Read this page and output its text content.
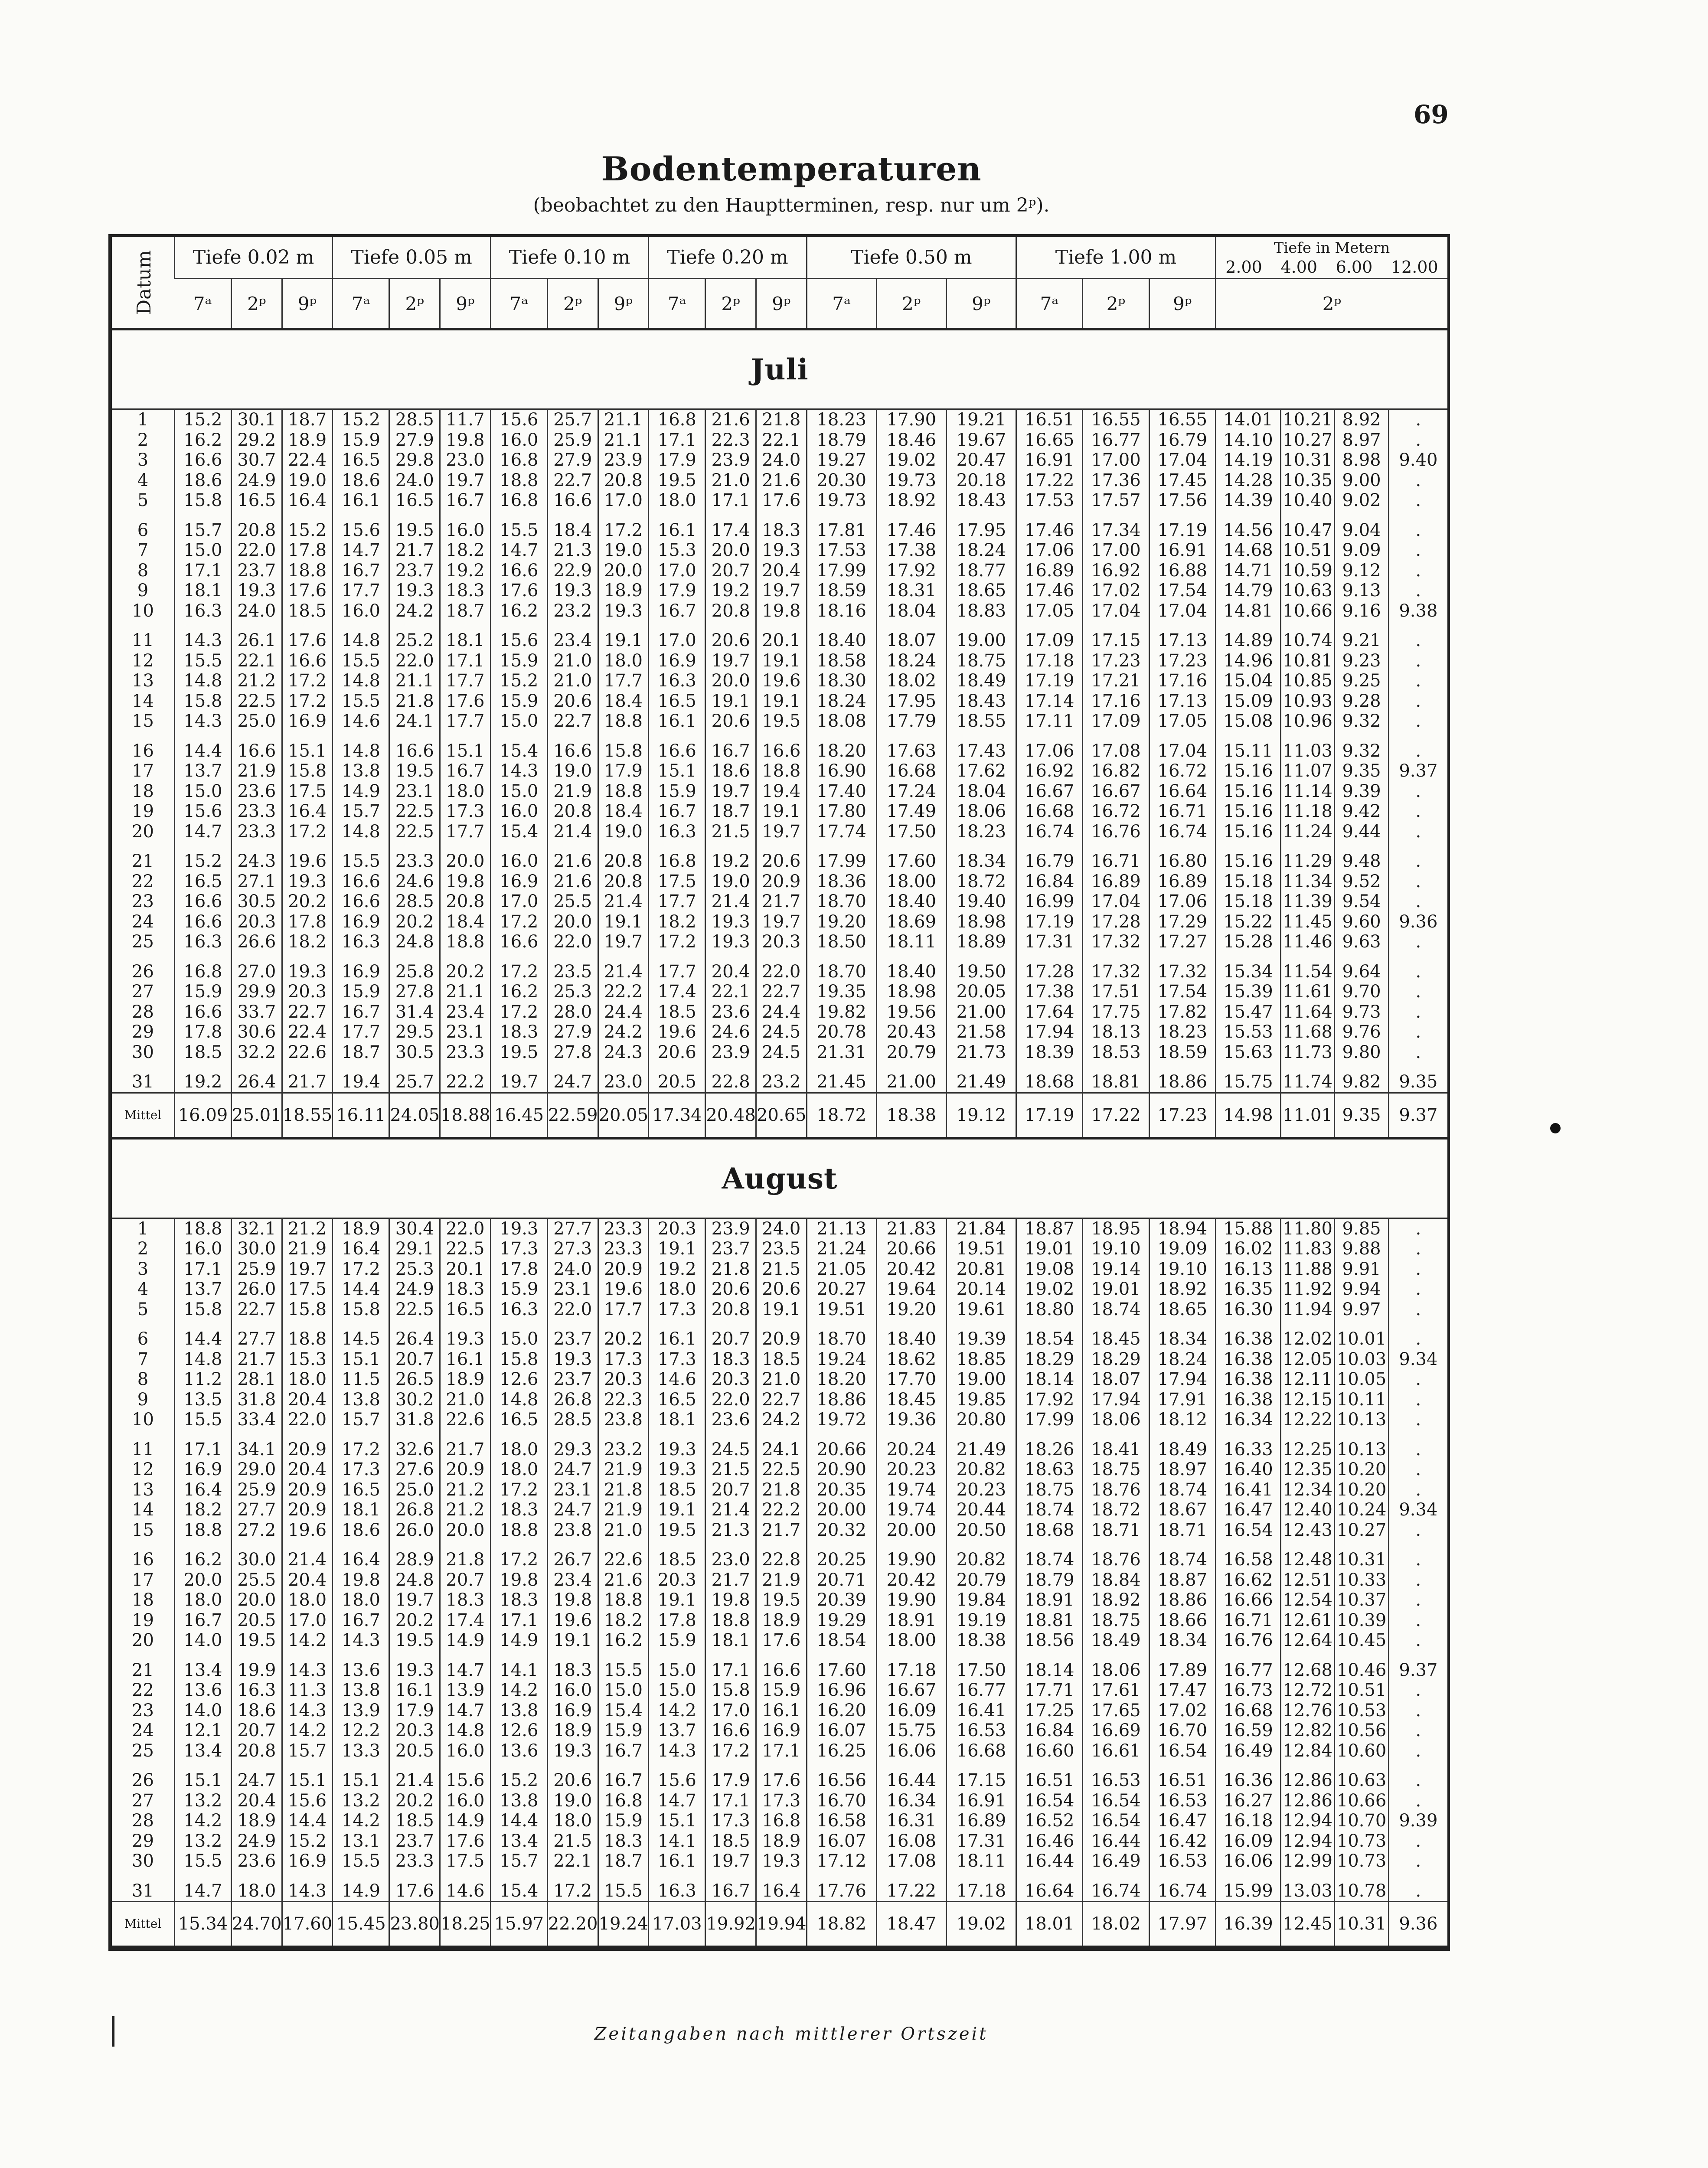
69
Bodentemperaturen
(beobachtet zu den Hauptterminen, resp. nur um 2ᵖ).
Datum	Tiefe 0.02 m			Tiefe 0.05 m			Tiefe 0.10 m			Tiefe 0.20 m			Tiefe 0.50 m			Tiefe 1.00 m			Tiefe in Metern
2.00 4.00 6.00 12.00			

	7ᵃ	2ᵖ	9ᵖ	7ᵃ	2ᵖ	9ᵖ	7ᵃ	2ᵖ	9ᵖ	7ᵃ	2ᵖ	9ᵖ	7ᵃ	2ᵖ	9ᵖ	7ᵃ	2ᵖ	9ᵖ	2ᵖ			
Juli																						
1	15.2	30.1	18.7	15.2	28.5	11.7	15.6	25.7	21.1	16.8	21.6	21.8	18.23	17.90	19.21	16.51	16.55	16.55	14.01	10.21	8.92	.
2	16.2	29.2	18.9	15.9	27.9	19.8	16.0	25.9	21.1	17.1	22.3	22.1	18.79	18.46	19.67	16.65	16.77	16.79	14.10	10.27	8.97	.
3	16.6	30.7	22.4	16.5	29.8	23.0	16.8	27.9	23.9	17.9	23.9	24.0	19.27	19.02	20.47	16.91	17.00	17.04	14.19	10.31	8.98	9.40
4	18.6	24.9	19.0	18.6	24.0	19.7	18.8	22.7	20.8	19.5	21.0	21.6	20.30	19.73	20.18	17.22	17.36	17.45	14.28	10.35	9.00	.
5	15.8	16.5	16.4	16.1	16.5	16.7	16.8	16.6	17.0	18.0	17.1	17.6	19.73	18.92	18.43	17.53	17.57	17.56	14.39	10.40	9.02	.
6	15.7	20.8	15.2	15.6	19.5	16.0	15.5	18.4	17.2	16.1	17.4	18.3	17.81	17.46	17.95	17.46	17.34	17.19	14.56	10.47	9.04	.
7	15.0	22.0	17.8	14.7	21.7	18.2	14.7	21.3	19.0	15.3	20.0	19.3	17.53	17.38	18.24	17.06	17.00	16.91	14.68	10.51	9.09	.
8	17.1	23.7	18.8	16.7	23.7	19.2	16.6	22.9	20.0	17.0	20.7	20.4	17.99	17.92	18.77	16.89	16.92	16.88	14.71	10.59	9.12	.
9	18.1	19.3	17.6	17.7	19.3	18.3	17.6	19.3	18.9	17.9	19.2	19.7	18.59	18.31	18.65	17.46	17.02	17.54	14.79	10.63	9.13	.
10	16.3	24.0	18.5	16.0	24.2	18.7	16.2	23.2	19.3	16.7	20.8	19.8	18.16	18.04	18.83	17.05	17.04	17.04	14.81	10.66	9.16	9.38
11	14.3	26.1	17.6	14.8	25.2	18.1	15.6	23.4	19.1	17.0	20.6	20.1	18.40	18.07	19.00	17.09	17.15	17.13	14.89	10.74	9.21	.
12	15.5	22.1	16.6	15.5	22.0	17.1	15.9	21.0	18.0	16.9	19.7	19.1	18.58	18.24	18.75	17.18	17.23	17.23	14.96	10.81	9.23	.
13	14.8	21.2	17.2	14.8	21.1	17.7	15.2	21.0	17.7	16.3	20.0	19.6	18.30	18.02	18.49	17.19	17.21	17.16	15.04	10.85	9.25	.
14	15.8	22.5	17.2	15.5	21.8	17.6	15.9	20.6	18.4	16.5	19.1	19.1	18.24	17.95	18.43	17.14	17.16	17.13	15.09	10.93	9.28	.
15	14.3	25.0	16.9	14.6	24.1	17.7	15.0	22.7	18.8	16.1	20.6	19.5	18.08	17.79	18.55	17.11	17.09	17.05	15.08	10.96	9.32	.
16	14.4	16.6	15.1	14.8	16.6	15.1	15.4	16.6	15.8	16.6	16.7	16.6	18.20	17.63	17.43	17.06	17.08	17.04	15.11	11.03	9.32	.
17	13.7	21.9	15.8	13.8	19.5	16.7	14.3	19.0	17.9	15.1	18.6	18.8	16.90	16.68	17.62	16.92	16.82	16.72	15.16	11.07	9.35	9.37
18	15.0	23.6	17.5	14.9	23.1	18.0	15.0	21.9	18.8	15.9	19.7	19.4	17.40	17.24	18.04	16.67	16.67	16.64	15.16	11.14	9.39	.
19	15.6	23.3	16.4	15.7	22.5	17.3	16.0	20.8	18.4	16.7	18.7	19.1	17.80	17.49	18.06	16.68	16.72	16.71	15.16	11.18	9.42	.
20	14.7	23.3	17.2	14.8	22.5	17.7	15.4	21.4	19.0	16.3	21.5	19.7	17.74	17.50	18.23	16.74	16.76	16.74	15.16	11.24	9.44	.
21	15.2	24.3	19.6	15.5	23.3	20.0	16.0	21.6	20.8	16.8	19.2	20.6	17.99	17.60	18.34	16.79	16.71	16.80	15.16	11.29	9.48	.
22	16.5	27.1	19.3	16.6	24.6	19.8	16.9	21.6	20.8	17.5	19.0	20.9	18.36	18.00	18.72	16.84	16.89	16.89	15.18	11.34	9.52	.
23	16.6	30.5	20.2	16.6	28.5	20.8	17.0	25.5	21.4	17.7	21.4	21.7	18.70	18.40	19.40	16.99	17.04	17.06	15.18	11.39	9.54	.
24	16.6	20.3	17.8	16.9	20.2	18.4	17.2	20.0	19.1	18.2	19.3	19.7	19.20	18.69	18.98	17.19	17.28	17.29	15.22	11.45	9.60	9.36
25	16.3	26.6	18.2	16.3	24.8	18.8	16.6	22.0	19.7	17.2	19.3	20.3	18.50	18.11	18.89	17.31	17.32	17.27	15.28	11.46	9.63	.
26	16.8	27.0	19.3	16.9	25.8	20.2	17.2	23.5	21.4	17.7	20.4	22.0	18.70	18.40	19.50	17.28	17.32	17.32	15.34	11.54	9.64	.
27	15.9	29.9	20.3	15.9	27.8	21.1	16.2	25.3	22.2	17.4	22.1	22.7	19.35	18.98	20.05	17.38	17.51	17.54	15.39	11.61	9.70	.
28	16.6	33.7	22.7	16.7	31.4	23.4	17.2	28.0	24.4	18.5	23.6	24.4	19.82	19.56	21.00	17.64	17.75	17.82	15.47	11.64	9.73	.
29	17.8	30.6	22.4	17.7	29.5	23.1	18.3	27.9	24.2	19.6	24.6	24.5	20.78	20.43	21.58	17.94	18.13	18.23	15.53	11.68	9.76	.
30	18.5	32.2	22.6	18.7	30.5	23.3	19.5	27.8	24.3	20.6	23.9	24.5	21.31	20.79	21.73	18.39	18.53	18.59	15.63	11.73	9.80	.
31	19.2	26.4	21.7	19.4	25.7	22.2	19.7	24.7	23.0	20.5	22.8	23.2	21.45	21.00	21.49	18.68	18.81	18.86	15.75	11.74	9.82	9.35
Mittel	16.09	25.01	18.55	16.11	24.05	18.88	16.45	22.59	20.05	17.34	20.48	20.65	18.72	18.38	19.12	17.19	17.22	17.23	14.98	11.01	9.35	9.37
August																						
1	18.8	32.1	21.2	18.9	30.4	22.0	19.3	27.7	23.3	20.3	23.9	24.0	21.13	21.83	21.84	18.87	18.95	18.94	15.88	11.80	9.85	.
2	16.0	30.0	21.9	16.4	29.1	22.5	17.3	27.3	23.3	19.1	23.7	23.5	21.24	20.66	19.51	19.01	19.10	19.09	16.02	11.83	9.88	.
3	17.1	25.9	19.7	17.2	25.3	20.1	17.8	24.0	20.9	19.2	21.8	21.5	21.05	20.42	20.81	19.08	19.14	19.10	16.13	11.88	9.91	.
4	13.7	26.0	17.5	14.4	24.9	18.3	15.9	23.1	19.6	18.0	20.6	20.6	20.27	19.64	20.14	19.02	19.01	18.92	16.35	11.92	9.94	.
5	15.8	22.7	15.8	15.8	22.5	16.5	16.3	22.0	17.7	17.3	20.8	19.1	19.51	19.20	19.61	18.80	18.74	18.65	16.30	11.94	9.97	.
6	14.4	27.7	18.8	14.5	26.4	19.3	15.0	23.7	20.2	16.1	20.7	20.9	18.70	18.40	19.39	18.54	18.45	18.34	16.38	12.02	10.01	.
7	14.8	21.7	15.3	15.1	20.7	16.1	15.8	19.3	17.3	17.3	18.3	18.5	19.24	18.62	18.85	18.29	18.29	18.24	16.38	12.05	10.03	9.34
8	11.2	28.1	18.0	11.5	26.5	18.9	12.6	23.7	20.3	14.6	20.3	21.0	18.20	17.70	19.00	18.14	18.07	17.94	16.38	12.11	10.05	.
9	13.5	31.8	20.4	13.8	30.2	21.0	14.8	26.8	22.3	16.5	22.0	22.7	18.86	18.45	19.85	17.92	17.94	17.91	16.38	12.15	10.11	.
10	15.5	33.4	22.0	15.7	31.8	22.6	16.5	28.5	23.8	18.1	23.6	24.2	19.72	19.36	20.80	17.99	18.06	18.12	16.34	12.22	10.13	.
11	17.1	34.1	20.9	17.2	32.6	21.7	18.0	29.3	23.2	19.3	24.5	24.1	20.66	20.24	21.49	18.26	18.41	18.49	16.33	12.25	10.13	.
12	16.9	29.0	20.4	17.3	27.6	20.9	18.0	24.7	21.9	19.3	21.5	22.5	20.90	20.23	20.82	18.63	18.75	18.97	16.40	12.35	10.20	.
13	16.4	25.9	20.9	16.5	25.0	21.2	17.2	23.1	21.8	18.5	20.7	21.8	20.35	19.74	20.23	18.75	18.76	18.74	16.41	12.34	10.20	.
14	18.2	27.7	20.9	18.1	26.8	21.2	18.3	24.7	21.9	19.1	21.4	22.2	20.00	19.74	20.44	18.74	18.72	18.67	16.47	12.40	10.24	9.34
15	18.8	27.2	19.6	18.6	26.0	20.0	18.8	23.8	21.0	19.5	21.3	21.7	20.32	20.00	20.50	18.68	18.71	18.71	16.54	12.43	10.27	.
16	16.2	30.0	21.4	16.4	28.9	21.8	17.2	26.7	22.6	18.5	23.0	22.8	20.25	19.90	20.82	18.74	18.76	18.74	16.58	12.48	10.31	.
17	20.0	25.5	20.4	19.8	24.8	20.7	19.8	23.4	21.6	20.3	21.7	21.9	20.71	20.42	20.79	18.79	18.84	18.87	16.62	12.51	10.33	.
18	18.0	20.0	18.0	18.0	19.7	18.3	18.3	19.8	18.8	19.1	19.8	19.5	20.39	19.90	19.84	18.91	18.92	18.86	16.66	12.54	10.37	.
19	16.7	20.5	17.0	16.7	20.2	17.4	17.1	19.6	18.2	17.8	18.8	18.9	19.29	18.91	19.19	18.81	18.75	18.66	16.71	12.61	10.39	.
20	14.0	19.5	14.2	14.3	19.5	14.9	14.9	19.1	16.2	15.9	18.1	17.6	18.54	18.00	18.38	18.56	18.49	18.34	16.76	12.64	10.45	.
21	13.4	19.9	14.3	13.6	19.3	14.7	14.1	18.3	15.5	15.0	17.1	16.6	17.60	17.18	17.50	18.14	18.06	17.89	16.77	12.68	10.46	9.37
22	13.6	16.3	11.3	13.8	16.1	13.9	14.2	16.0	15.0	15.0	15.8	15.9	16.96	16.67	16.77	17.71	17.61	17.47	16.73	12.72	10.51	.
23	14.0	18.6	14.3	13.9	17.9	14.7	13.8	16.9	15.4	14.2	17.0	16.1	16.20	16.09	16.41	17.25	17.65	17.02	16.68	12.76	10.53	.
24	12.1	20.7	14.2	12.2	20.3	14.8	12.6	18.9	15.9	13.7	16.6	16.9	16.07	15.75	16.53	16.84	16.69	16.70	16.59	12.82	10.56	.
25	13.4	20.8	15.7	13.3	20.5	16.0	13.6	19.3	16.7	14.3	17.2	17.1	16.25	16.06	16.68	16.60	16.61	16.54	16.49	12.84	10.60	.
26	15.1	24.7	15.1	15.1	21.4	15.6	15.2	20.6	16.7	15.6	17.9	17.6	16.56	16.44	17.15	16.51	16.53	16.51	16.36	12.86	10.63	.
27	13.2	20.4	15.6	13.2	20.2	16.0	13.8	19.0	16.8	14.7	17.1	17.3	16.70	16.34	16.91	16.54	16.54	16.53	16.27	12.86	10.66	.
28	14.2	18.9	14.4	14.2	18.5	14.9	14.4	18.0	15.9	15.1	17.3	16.8	16.58	16.31	16.89	16.52	16.54	16.47	16.18	12.94	10.70	9.39
29	13.2	24.9	15.2	13.1	23.7	17.6	13.4	21.5	18.3	14.1	18.5	18.9	16.07	16.08	17.31	16.46	16.44	16.42	16.09	12.94	10.73	.
30	15.5	23.6	16.9	15.5	23.3	17.5	15.7	22.1	18.7	16.1	19.7	19.3	17.12	17.08	18.11	16.44	16.49	16.53	16.06	12.99	10.73	.
31	14.7	18.0	14.3	14.9	17.6	14.6	15.4	17.2	15.5	16.3	16.7	16.4	17.76	17.22	17.18	16.64	16.74	16.74	15.99	13.03	10.78	.
Mittel	15.34	24.70	17.60	15.45	23.80	18.25	15.97	22.20	19.24	17.03	19.92	19.94	18.82	18.47	19.02	18.01	18.02	17.97	16.39	12.45	10.31	9.36
Zeitangaben nach mittlerer Ortszeit
